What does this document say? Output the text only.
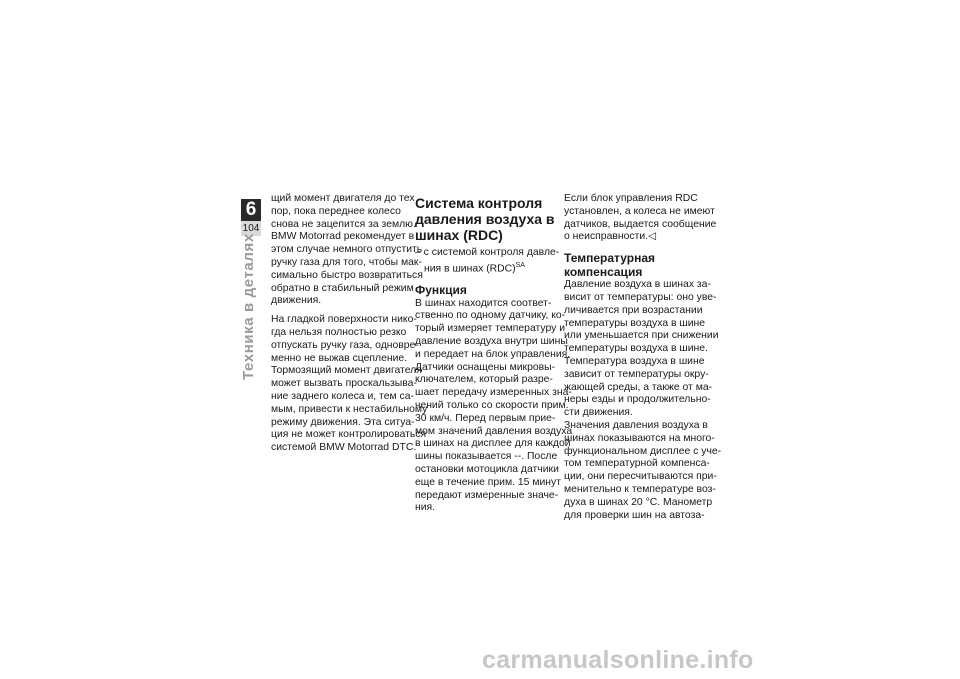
6
104
Техника в деталях
щий момент двигателя до тех
пор, пока переднее колесо
снова не зацепится за землю.
BMW Motorrad рекомендует в
этом случае немного отпустить
ручку газа для того, чтобы мак-
симально быстро возвратиться
обратно в стабильный режим
движения.
На гладкой поверхности нико-
гда нельзя полностью резко
отпускать ручку газа, одновре-
менно не выжав сцепление.
Тормозящий момент двигателя
может вызвать проскальзыва-
ние заднего колеса и, тем са-
мым, привести к нестабильному
режиму движения. Эта ситуа-
ция не может контролироваться
системой BMW Motorrad DTC.
Система контроля
давления воздуха в
шинах (RDC)
– с системой контроля давле-
ния в шинах (RDC)$^{SA}$
Функция
В шинах находится соответ-
ственно по одному датчику, ко-
торый измеряет температуру и
давление воздуха внутри шины
и передает на блок управления.
Датчики оснащены микровы-
ключателем, который разре-
шает передачу измеренных зна-
чений только со скорости прим.
30 км/ч. Перед первым прие-
мом значений давления воздуха
в шинах на дисплее для каждой
шины показывается --. После
остановки мотоцикла датчики
еще в течение прим. 15 минут
передают измеренные значе-
ния.
Если блок управления RDC
установлен, а колеса не имеют
датчиков, выдается сообщение
о неисправности.◁
Температурная
компенсация
Давление воздуха в шинах за-
висит от температуры: оно уве-
личивается при возрастании
температуры воздуха в шине
или уменьшается при снижении
температуры воздуха в шине.
Температура воздуха в шине
зависит от температуры окру-
жающей среды, а также от ма-
неры езды и продолжительно-
сти движения.
Значения давления воздуха в
шинах показываются на много-
функциональном дисплее с уче-
том температурной компенса-
ции, они пересчитываются при-
менительно к температуре воз-
духа в шинах 20 °C. Манометр
для проверки шин на автоза-
carmanualsonline.info
